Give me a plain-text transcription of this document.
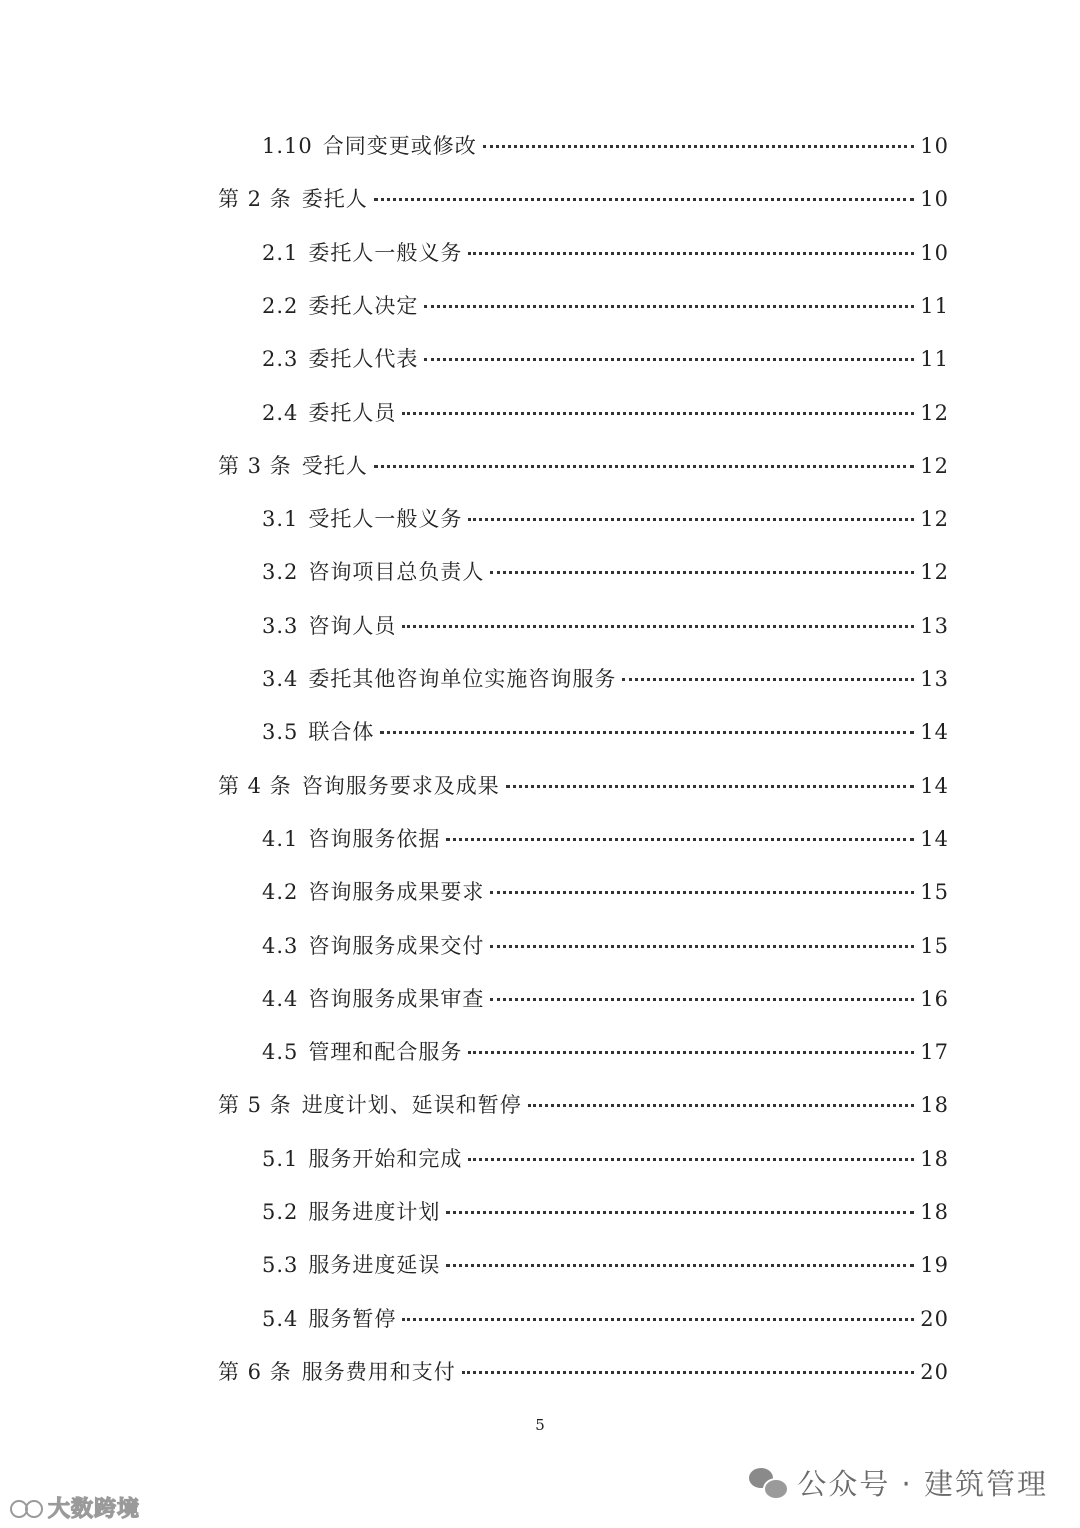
1.10 合同变更或修改	10
第 2 条 委托人	10
2.1 委托人一般义务	10
2.2 委托人决定	11
2.3 委托人代表	11
2.4 委托人员	12
第 3 条 受托人	12
3.1 受托人一般义务	12
3.2 咨询项目总负责人	12
3.3 咨询人员	13
3.4 委托其他咨询单位实施咨询服务	13
3.5 联合体	14
第 4 条 咨询服务要求及成果	14
4.1 咨询服务依据	14
4.2 咨询服务成果要求	15
4.3 咨询服务成果交付	15
4.4 咨询服务成果审查	16
4.5 管理和配合服务	17
第 5 条 进度计划、延误和暂停	18
5.1 服务开始和完成	18
5.2 服务进度计划	18
5.3 服务进度延误	19
5.4 服务暂停	20
第 6 条 服务费用和支付	20
5
公众号 · 建筑管理
大数跨境
